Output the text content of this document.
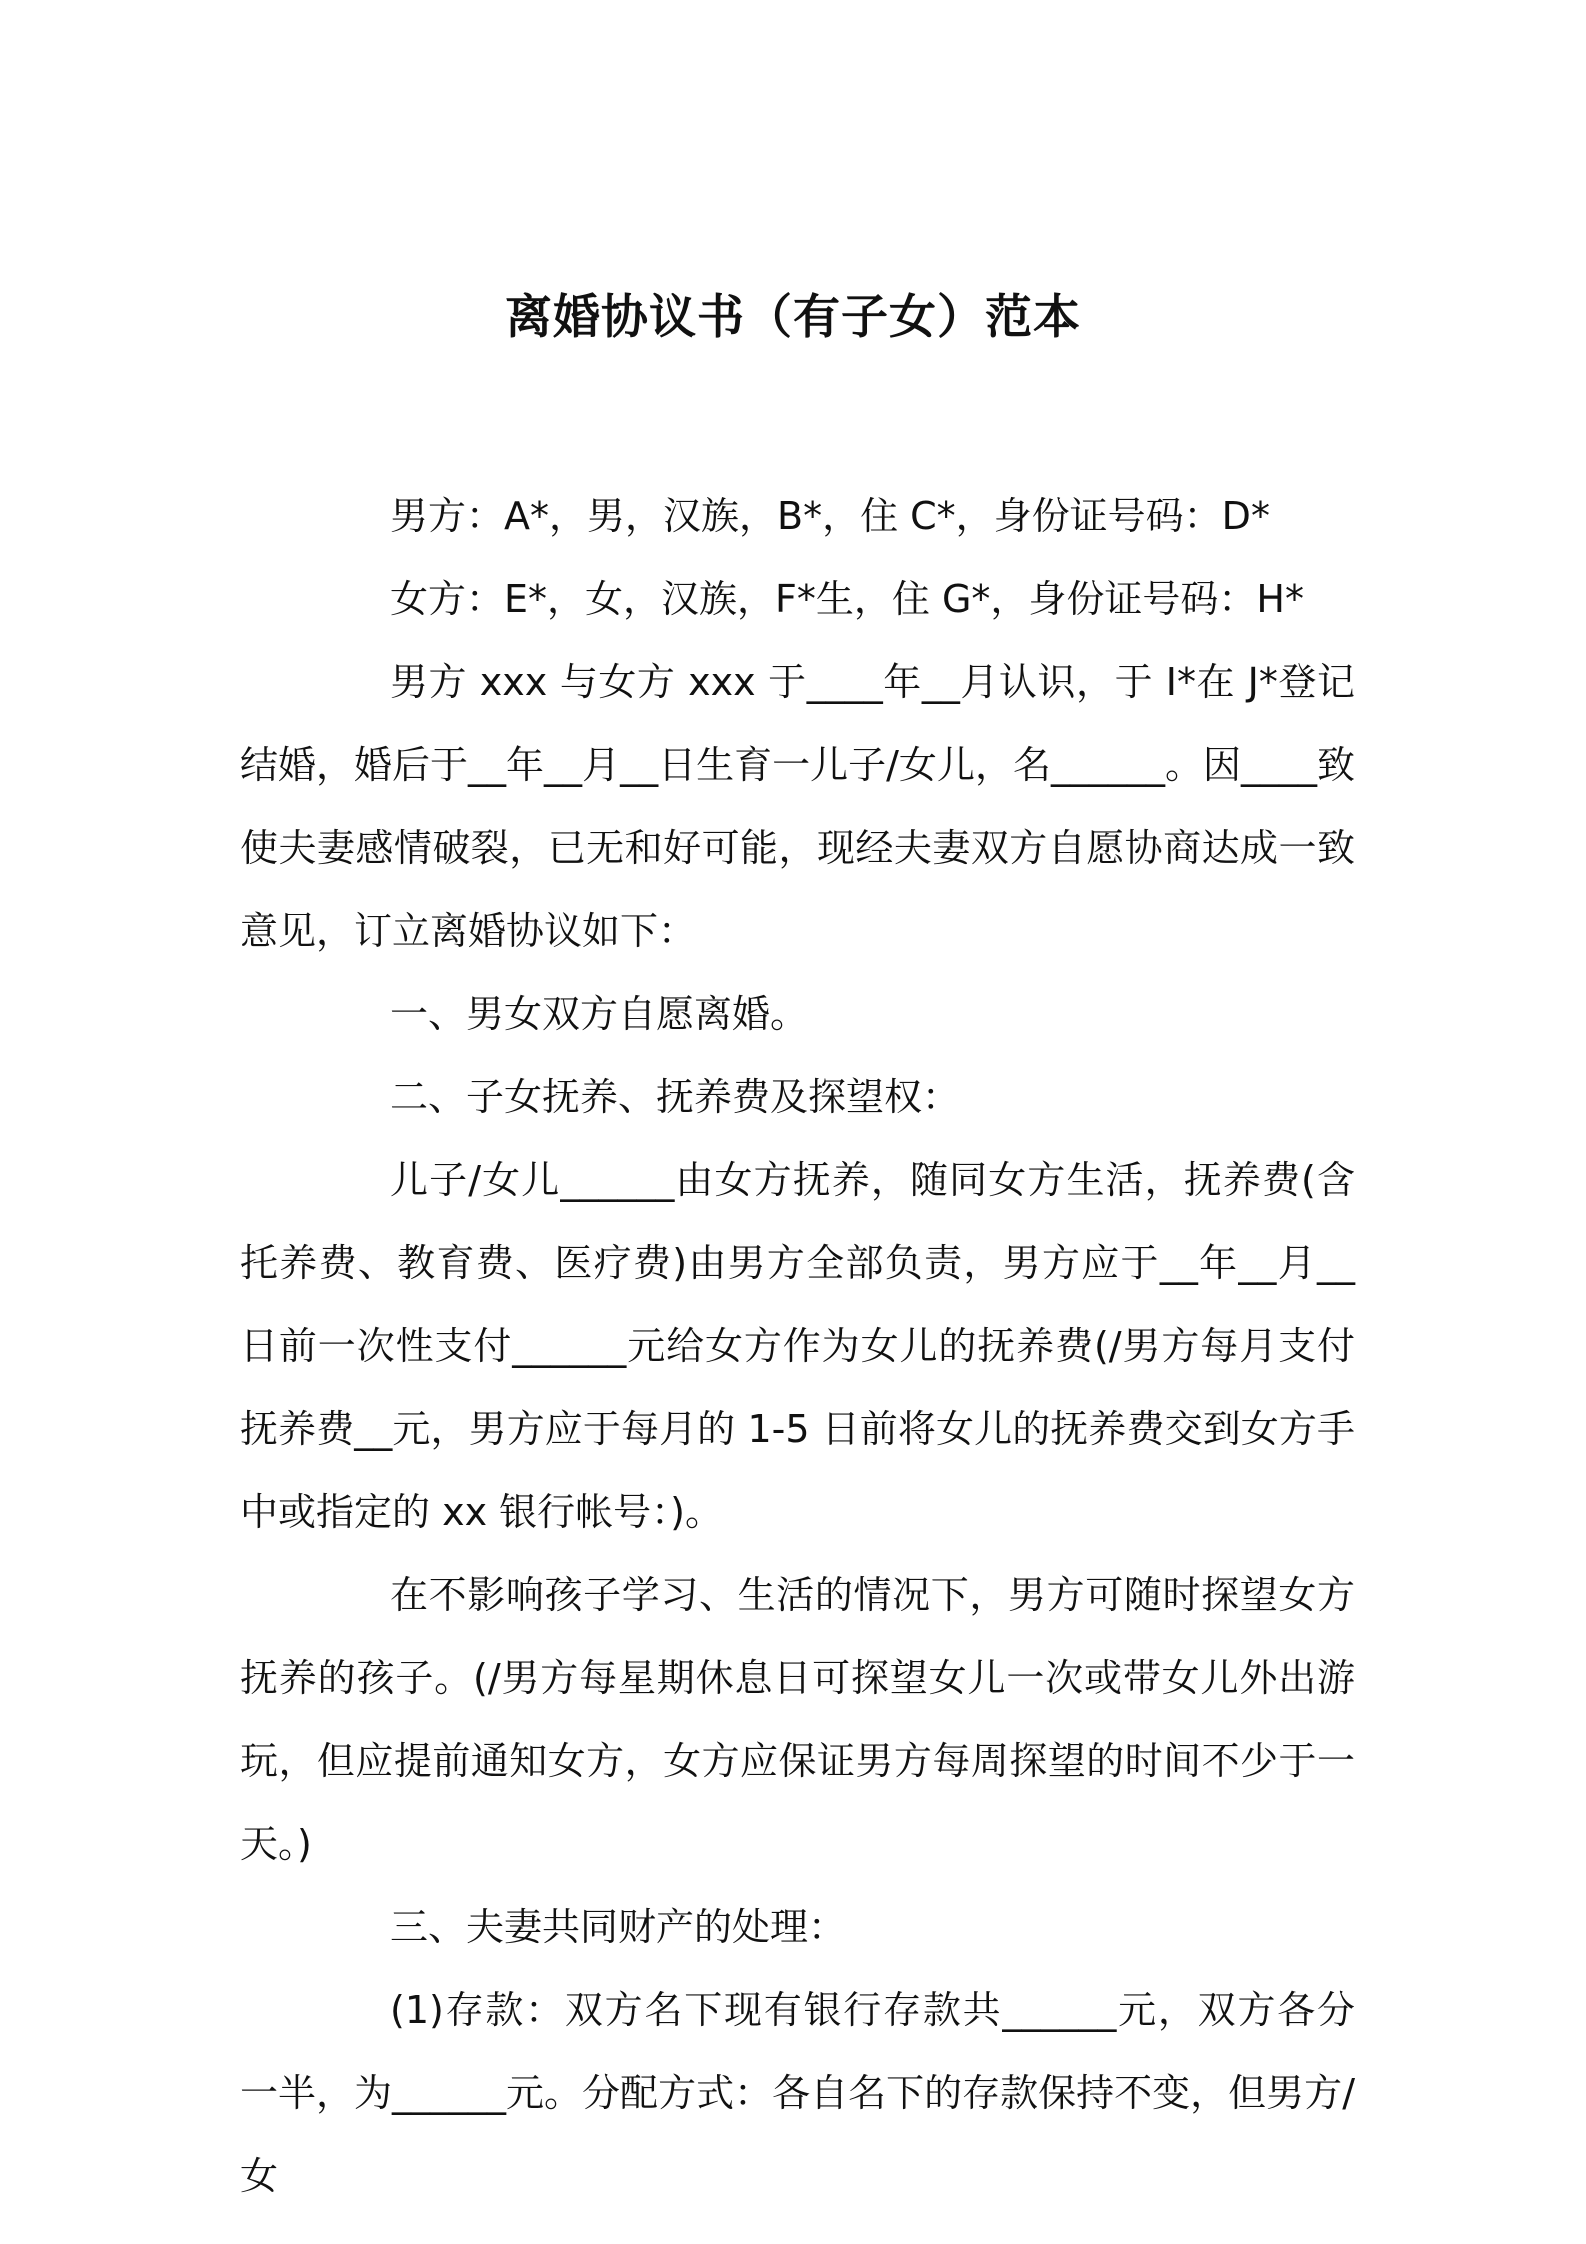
离婚协议书（有子女）范本

男方：A*，男，汉族，B*，住 C*，身份证号码：D*

女方：E*，女，汉族，F*生，住 G*，身份证号码：H*

男方 xxx 与女方 xxx 于____年__月认识，于 I*在 J*登记结婚，婚后于__年__月__日生育一儿子/女儿，名______。因____致使夫妻感情破裂，已无和好可能，现经夫妻双方自愿协商达成一致意见，订立离婚协议如下：

一、男女双方自愿离婚。

二、子女抚养、抚养费及探望权：

儿子/女儿______由女方抚养，随同女方生活，抚养费(含托养费、教育费、医疗费)由男方全部负责，男方应于__年__月__日前一次性支付______元给女方作为女儿的抚养费(/男方每月支付抚养费__元，男方应于每月的 1-5 日前将女儿的抚养费交到女方手中或指定的 xx 银行帐号：)。

在不影响孩子学习、生活的情况下，男方可随时探望女方抚养的孩子。(/男方每星期休息日可探望女儿一次或带女儿外出游玩，但应提前通知女方，女方应保证男方每周探望的时间不少于一天。)

三、夫妻共同财产的处理：

(1)存款：双方名下现有银行存款共______元，双方各分一半，为______元。分配方式：各自名下的存款保持不变，但男方/女
